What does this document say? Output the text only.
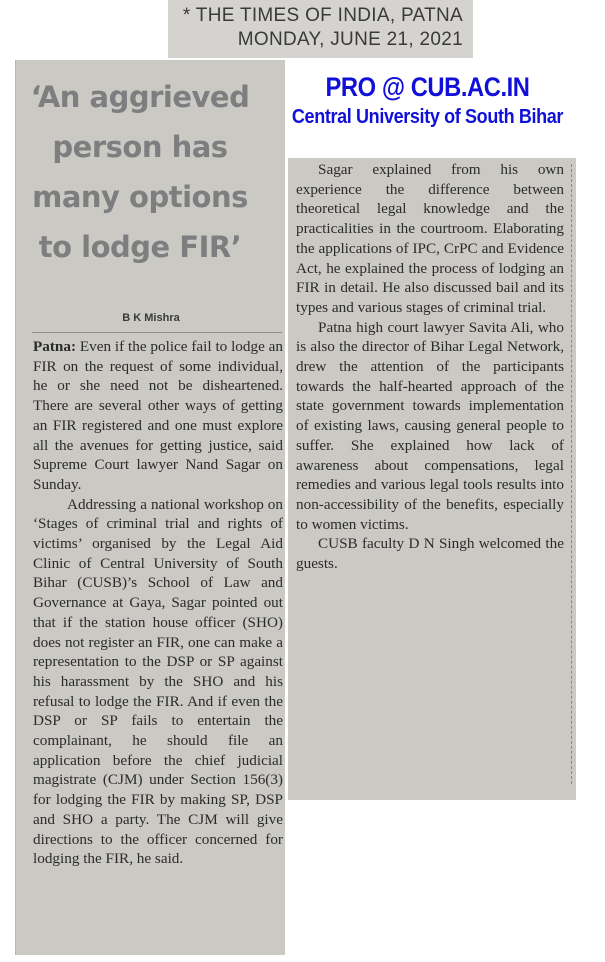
* THE TIMES OF INDIA, PATNA
MONDAY, JUNE 21, 2021
PRO @ CUB.AC.IN
Central University of South Bihar
‘An aggrieved person has many options to lodge FIR’
B K Mishra

Patna: Even if the police fail to lodge an FIR on the request of some individual, he or she need not be disheartened. There are several other ways of getting an FIR registered and one must explore all the avenues for getting justice, said Supreme Court lawyer Nand Sagar on Sunday.

Addressing a national workshop on ‘Stages of criminal trial and rights of victims’ organised by the Legal Aid Clinic of Central University of South Bihar (CUSB)’s School of Law and Governance at Gaya, Sagar pointed out that if the station house officer (SHO) does not register an FIR, one can make a representation to the DSP or SP against his harassment by the SHO and his refusal to lodge the FIR. And if even the DSP or SP fails to entertain the complainant, he should file an application before the chief judicial magistrate (CJM) under Section 156(3) for lodging the FIR by making SP, DSP and SHO a party. The CJM will give directions to the officer concerned for lodging the FIR, he said.

Sagar explained from his own experience the difference between theoretical legal knowledge and the practicalities in the courtroom. Elaborating the applications of IPC, CrPC and Evidence Act, he explained the process of lodging an FIR in detail. He also discussed bail and its types and various stages of criminal trial.

Patna high court lawyer Savita Ali, who is also the director of Bihar Legal Network, drew the attention of the participants towards the half-hearted approach of the state government towards implementation of existing laws, causing general people to suffer. She explained how lack of awareness about compensations, legal remedies and various legal tools results into non-accessibility of the benefits, especially to women victims.

CUSB faculty D N Singh welcomed the guests.
